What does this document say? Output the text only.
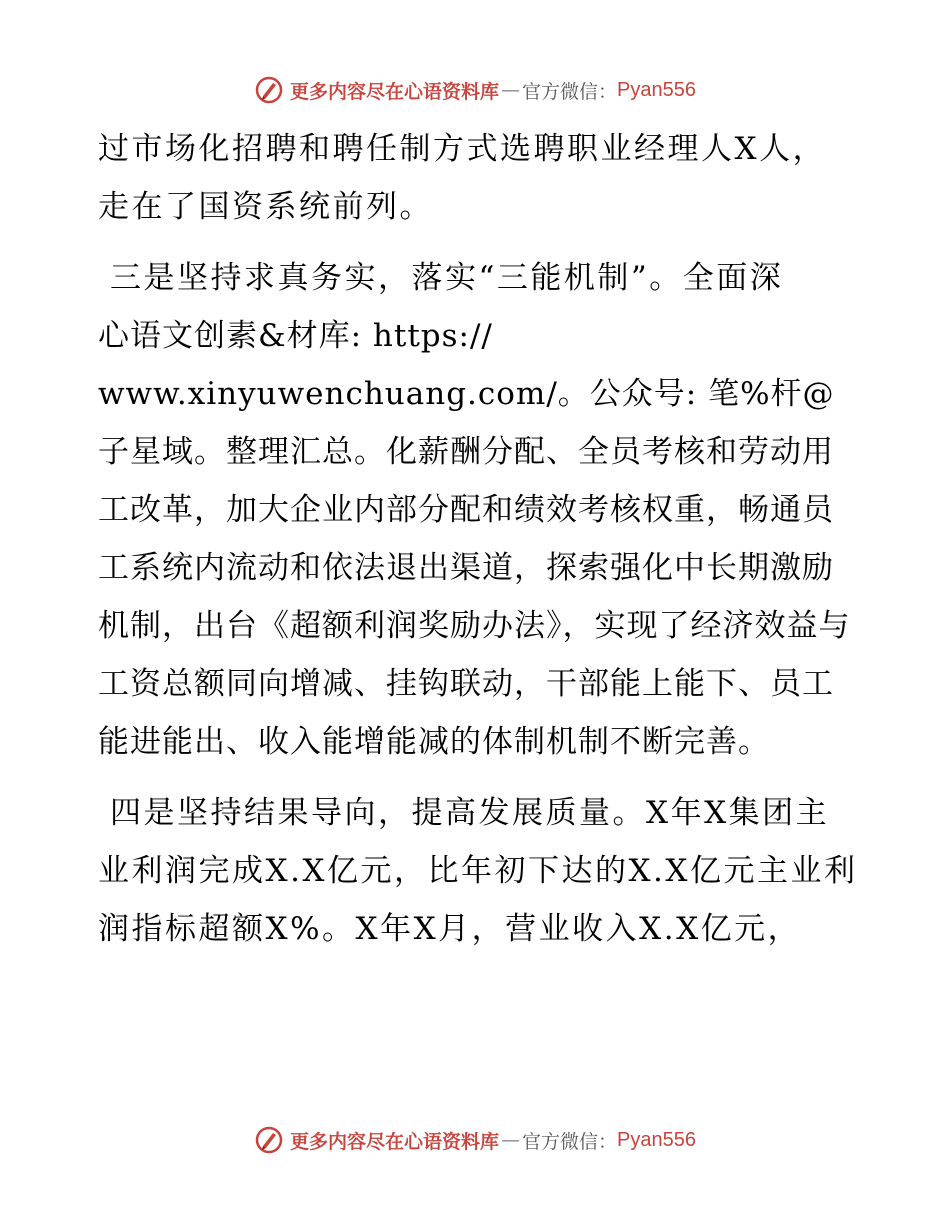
更多内容尽在心语资料库 — 官方微信： Pyan556

过市场化招聘和聘任制方式选聘职业经理人X人，走在了国资系统前列。

三是坚持求真务实，落实“三能机制”。全面深

心语文创素&材库: https://

www.xinyuwenchuang.com/。公众号: 笔%杆@子星域。整理汇总。化薪酬分配、全员考核和劳动用工改革，加大企业内部分配和绩效考核权重，畅通员工系统内流动和依法退出渠道，探索强化中长期激励机制，出台《超额利润奖励办法》，实现了经济效益与工资总额同向增减、挂钩联动，干部能上能下、员工能进能出、收入能增能减的体制机制不断完善。

四是坚持结果导向，提高发展质量。X年X集团主业利润完成X.X亿元，比年初下达的X.X亿元主业利润指标超额X%。X年X月，营业收入X.X亿元，

更多内容尽在心语资料库 — 官方微信： Pyan556
